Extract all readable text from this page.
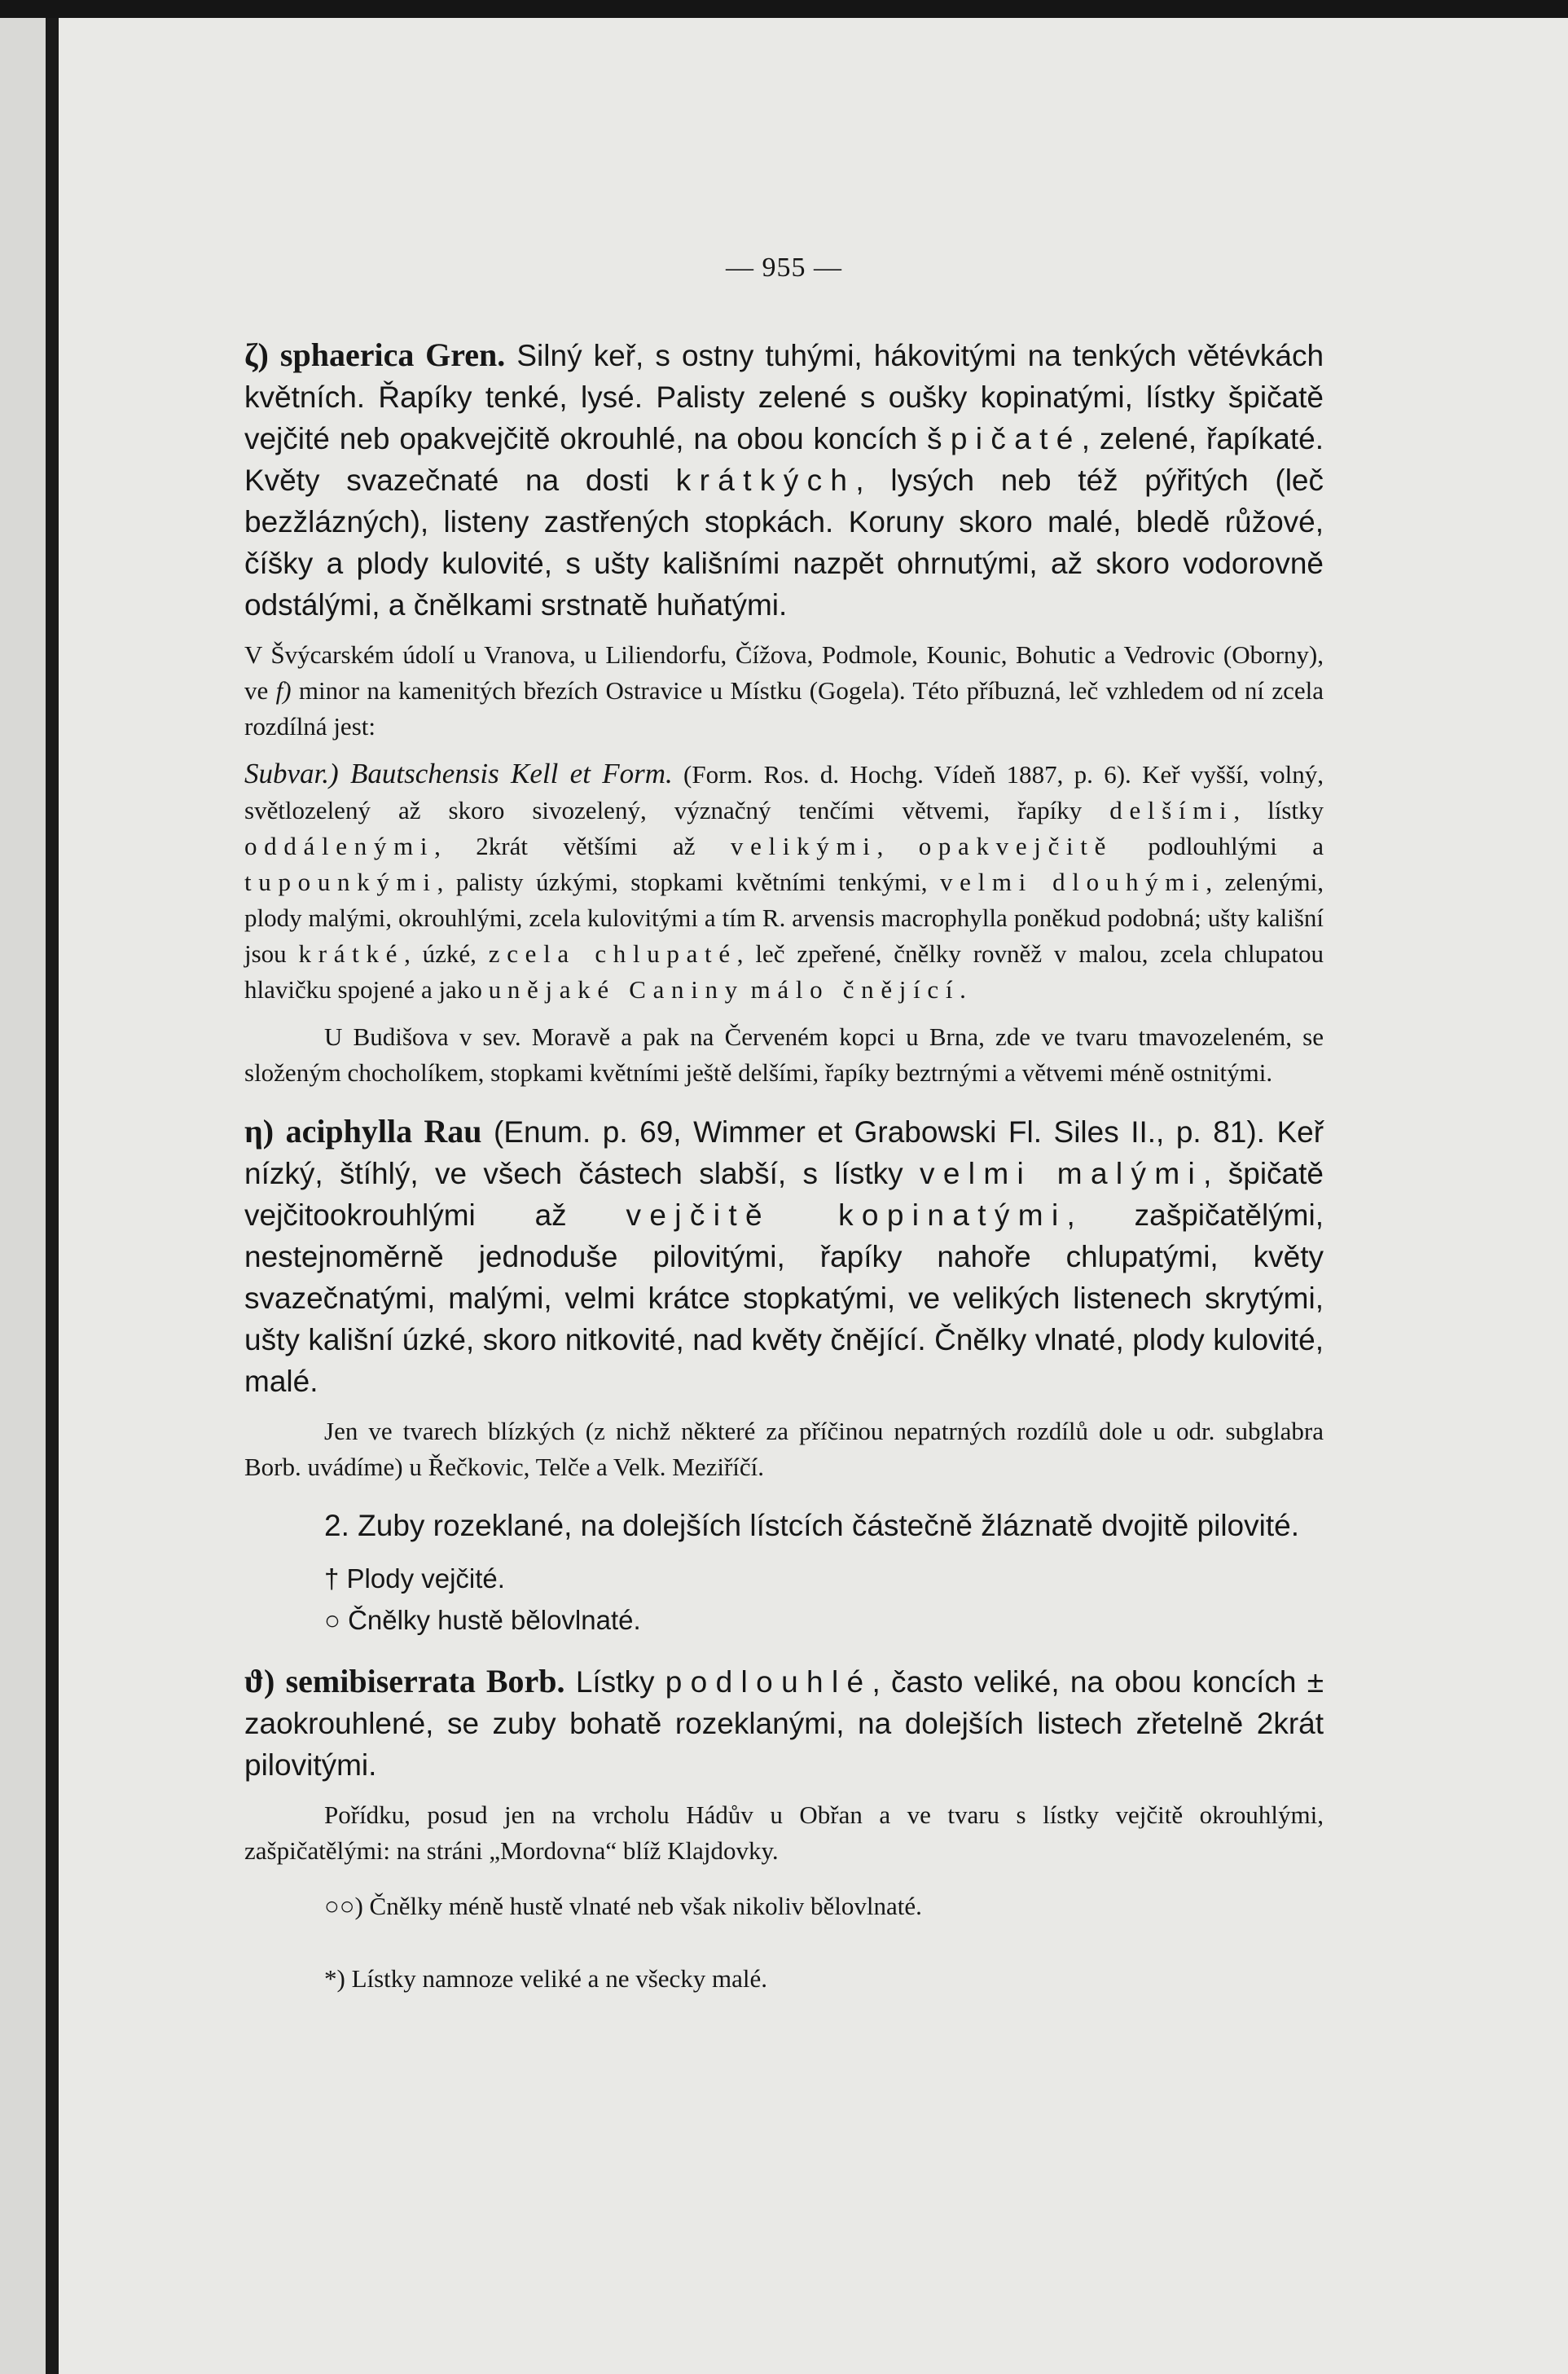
— 955 —

ζ) sphaerica Gren. Silný keř, s ostny tuhými, hákovitými na tenkých větévkách květních. Řapíky tenké, lysé. Palisty zelené s oušky kopinatými, lístky špičatě vejčité neb opakvejčitě okrouhlé, na obou koncích špičaté, zelené, řapíkaté. Květy svazečnaté na dosti krátkých, lysých neb též pýřitých (leč bezžlázných), listeny zastřených stopkách. Koruny skoro malé, bledě růžové, číšky a plody kulovité, s ušty kališními nazpět ohrnutými, až skoro vodorovně odstálými, a čnělkami srstnatě huňatými.

V Švýcarském údolí u Vranova, u Liliendorfu, Čížova, Podmole, Kounic, Bohutic a Vedrovic (Oborny), ve f) minor na kamenitých březích Ostravice u Místku (Gogela). Této příbuzná, leč vzhledem od ní zcela rozdílná jest:

Subvar.) Bautschensis Kell et Form. (Form. Ros. d. Hochg. Vídeň 1887, p. 6). Keř vyšší, volný, světlozelený až skoro sivozelený, význačný tenčími větvemi, řapíky delšími, lístky oddálenými, 2krát většími až velikými, opakvejčitě podlouhlými a tupounkými, palisty úzkými, stopkami květními tenkými, velmi dlouhými, zelenými, plody malými, okrouhlými, zcela kulovitými a tím R. arvensis macrophylla poněkud podobná; ušty kališní jsou krátké, úzké, zcela chlupaté, leč zpeřené, čnělky rovněž v malou, zcela chlupatou hlavičku spojené a jako u nějaké Caniny málo čnějící.

U Budišova v sev. Moravě a pak na Červeném kopci u Brna, zde ve tvaru tmavozeleném, se složeným chocholíkem, stopkami květními ještě delšími, řapíky beztrnými a větvemi méně ostnitými.

η) aciphylla Rau (Enum. p. 69, Wimmer et Grabowski Fl. Siles II., p. 81). Keř nízký, štíhlý, ve všech částech slabší, s lístky velmi malými, špičatě vejčitookrouhlými až vejčitě kopinatými, zašpičatělými, nestejnoměrně jednoduše pilovitými, řapíky nahoře chlupatými, květy svazečnatými, malými, velmi krátce stopkatými, ve velikých listenech skrytými, ušty kališní úzké, skoro nitkovité, nad květy čnějící. Čnělky vlnaté, plody kulovité, malé.

Jen ve tvarech blízkých (z nichž některé za příčinou nepatrných rozdílů dole u odr. subglabra Borb. uvádíme) u Řečkovic, Telče a Velk. Meziříčí.

2. Zuby rozeklané, na dolejších lístcích částečně žláznatě dvojitě pilovité.

† Plody vejčité.

○ Čnělky hustě bělovlnaté.

ϑ) semibiserrata Borb. Lístky podlouhlé, často veliké, na obou koncích ± zaokrouhlené, se zuby bohatě rozeklanými, na dolejších listech zřetelně 2krát pilovitými.

Pořídku, posud jen na vrcholu Hádův u Obřan a ve tvaru s lístky vejčitě okrouhlými, zašpičatělými: na stráni „Mordovna“ blíž Klajdovky.

○○) Čnělky méně hustě vlnaté neb však nikoliv bělovlnaté.

*) Lístky namnoze veliké a ne všecky malé.
